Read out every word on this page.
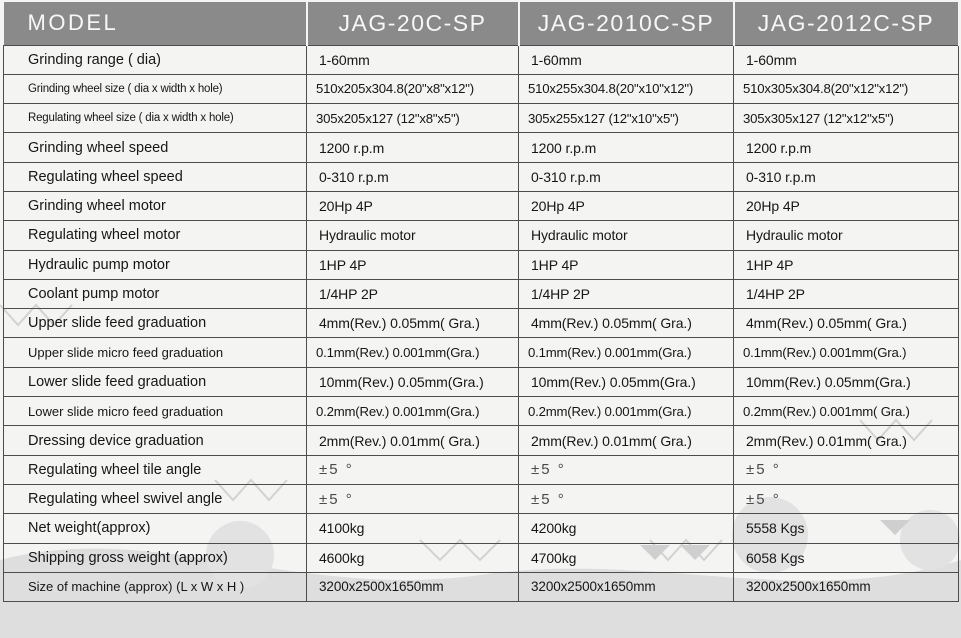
MODEL	JAG-20C-SP	JAG-2010C-SP	JAG-2012C-SP
Grinding range ( dia)	1-60mm	1-60mm	1-60mm
Grinding wheel size ( dia x width x hole)	510x205x304.8(20"x8"x12")	510x255x304.8(20"x10"x12")	510x305x304.8(20"x12"x12")
Regulating wheel size ( dia x width x hole)	305x205x127 (12"x8"x5")	305x255x127 (12"x10"x5")	305x305x127 (12"x12"x5")
Grinding wheel speed	1200 r.p.m	1200 r.p.m	1200 r.p.m
Regulating wheel speed	0-310 r.p.m	0-310 r.p.m	0-310 r.p.m
Grinding wheel motor	20Hp 4P	20Hp 4P	20Hp 4P
Regulating wheel motor	Hydraulic motor	Hydraulic motor	Hydraulic motor
Hydraulic pump motor	1HP 4P	1HP 4P	1HP 4P
Coolant pump motor	1/4HP 2P	1/4HP 2P	1/4HP 2P
Upper slide feed graduation	4mm(Rev.) 0.05mm( Gra.)	4mm(Rev.) 0.05mm( Gra.)	4mm(Rev.) 0.05mm( Gra.)
Upper slide micro feed graduation	0.1mm(Rev.) 0.001mm(Gra.)	0.1mm(Rev.) 0.001mm(Gra.)	0.1mm(Rev.) 0.001mm(Gra.)
Lower slide feed graduation	10mm(Rev.) 0.05mm(Gra.)	10mm(Rev.) 0.05mm(Gra.)	10mm(Rev.) 0.05mm(Gra.)
Lower slide micro feed graduation	0.2mm(Rev.) 0.001mm(Gra.)	0.2mm(Rev.) 0.001mm(Gra.)	0.2mm(Rev.) 0.001mm( Gra.)
Dressing device graduation	2mm(Rev.) 0.01mm( Gra.)	2mm(Rev.) 0.01mm( Gra.)	2mm(Rev.) 0.01mm( Gra.)
Regulating wheel tile angle	±5 °	±5 °	±5 °
Regulating wheel swivel angle	±5 °	±5 °	±5 °
Net weight(approx)	4100kg	4200kg	5558 Kgs
Shipping gross weight (approx)	4600kg	4700kg	6058 Kgs
Size of machine (approx) (L x W x H )	3200x2500x1650mm	3200x2500x1650mm	3200x2500x1650mm
